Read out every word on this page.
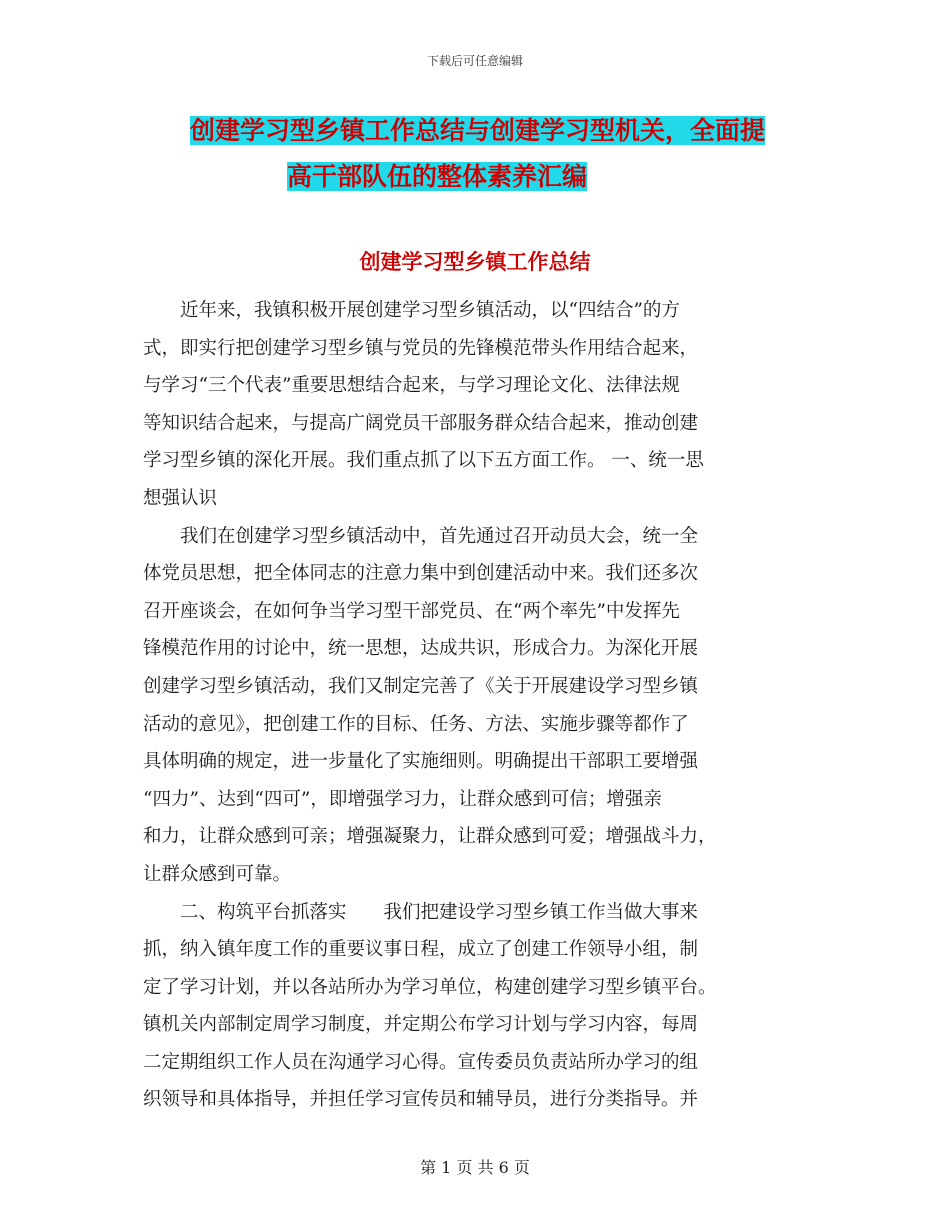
下载后可任意编辑
创建学习型乡镇工作总结与创建学习型机关，全面提
高干部队伍的整体素养汇编
创建学习型乡镇工作总结

　　近年来，我镇积极开展创建学习型乡镇活动，以“四结合”的方

式，即实行把创建学习型乡镇与党员的先锋模范带头作用结合起来，

与学习“三个代表”重要思想结合起来，与学习理论文化、法律法规

等知识结合起来，与提高广阔党员干部服务群众结合起来，推动创建

学习型乡镇的深化开展。我们重点抓了以下五方面工作。 一、统一思

想强认识

　　我们在创建学习型乡镇活动中，首先通过召开动员大会，统一全

体党员思想，把全体同志的注意力集中到创建活动中来。我们还多次

召开座谈会，在如何争当学习型干部党员、在“两个率先”中发挥先

锋模范作用的讨论中，统一思想，达成共识，形成合力。为深化开展

创建学习型乡镇活动，我们又制定完善了《关于开展建设学习型乡镇

活动的意见》，把创建工作的目标、任务、方法、实施步骤等都作了

具体明确的规定，进一步量化了实施细则。明确提出干部职工要增强

“四力”、达到“四可”，即增强学习力，让群众感到可信；增强亲

和力，让群众感到可亲；增强凝聚力，让群众感到可爱；增强战斗力，

让群众感到可靠。

　　二、构筑平台抓落实　　我们把建设学习型乡镇工作当做大事来

抓，纳入镇年度工作的重要议事日程，成立了创建工作领导小组，制

定了学习计划，并以各站所办为学习单位，构建创建学习型乡镇平台。

镇机关内部制定周学习制度，并定期公布学习计划与学习内容，每周

二定期组织工作人员在沟通学习心得。宣传委员负责站所办学习的组

织领导和具体指导，并担任学习宣传员和辅导员，进行分类指导。并

第 1 页 共 6 页
